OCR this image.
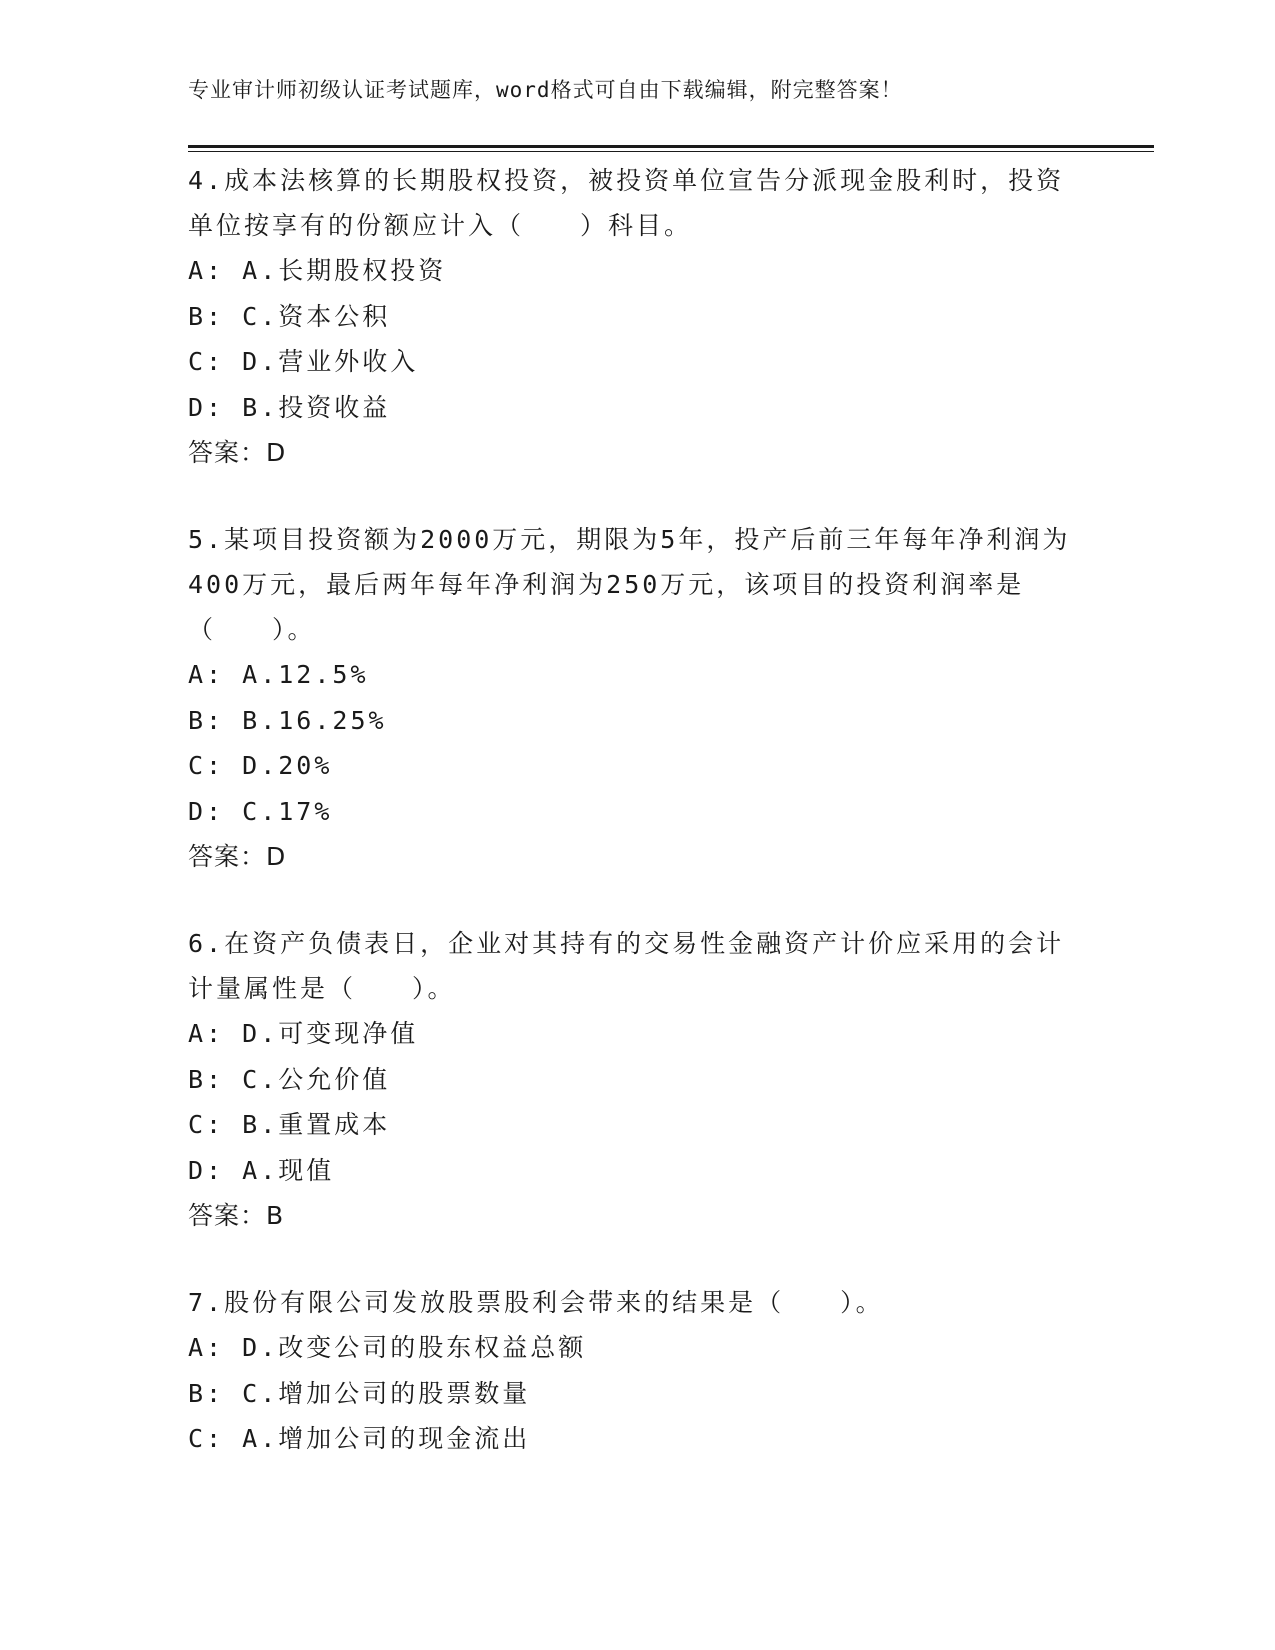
专业审计师初级认证考试题库，word格式可自由下载编辑，附完整答案！

4.成本法核算的长期股权投资，被投资单位宣告分派现金股利时，投资单位按享有的份额应计入（　　）科目。

A: A.长期股权投资

B: C.资本公积

C: D.营业外收入

D: B.投资收益

答案：D

5.某项目投资额为2000万元，期限为5年，投产后前三年每年净利润为400万元，最后两年每年净利润为250万元，该项目的投资利润率是（　　）。

A: A.12.5%

B: B.16.25%

C: D.20%

D: C.17%

答案：D

6.在资产负债表日，企业对其持有的交易性金融资产计价应采用的会计计量属性是（　　）。

A: D.可变现净值

B: C.公允价值

C: B.重置成本

D: A.现值

答案：B

7.股份有限公司发放股票股利会带来的结果是（　　）。

A: D.改变公司的股东权益总额

B: C.增加公司的股票数量

C: A.增加公司的现金流出
